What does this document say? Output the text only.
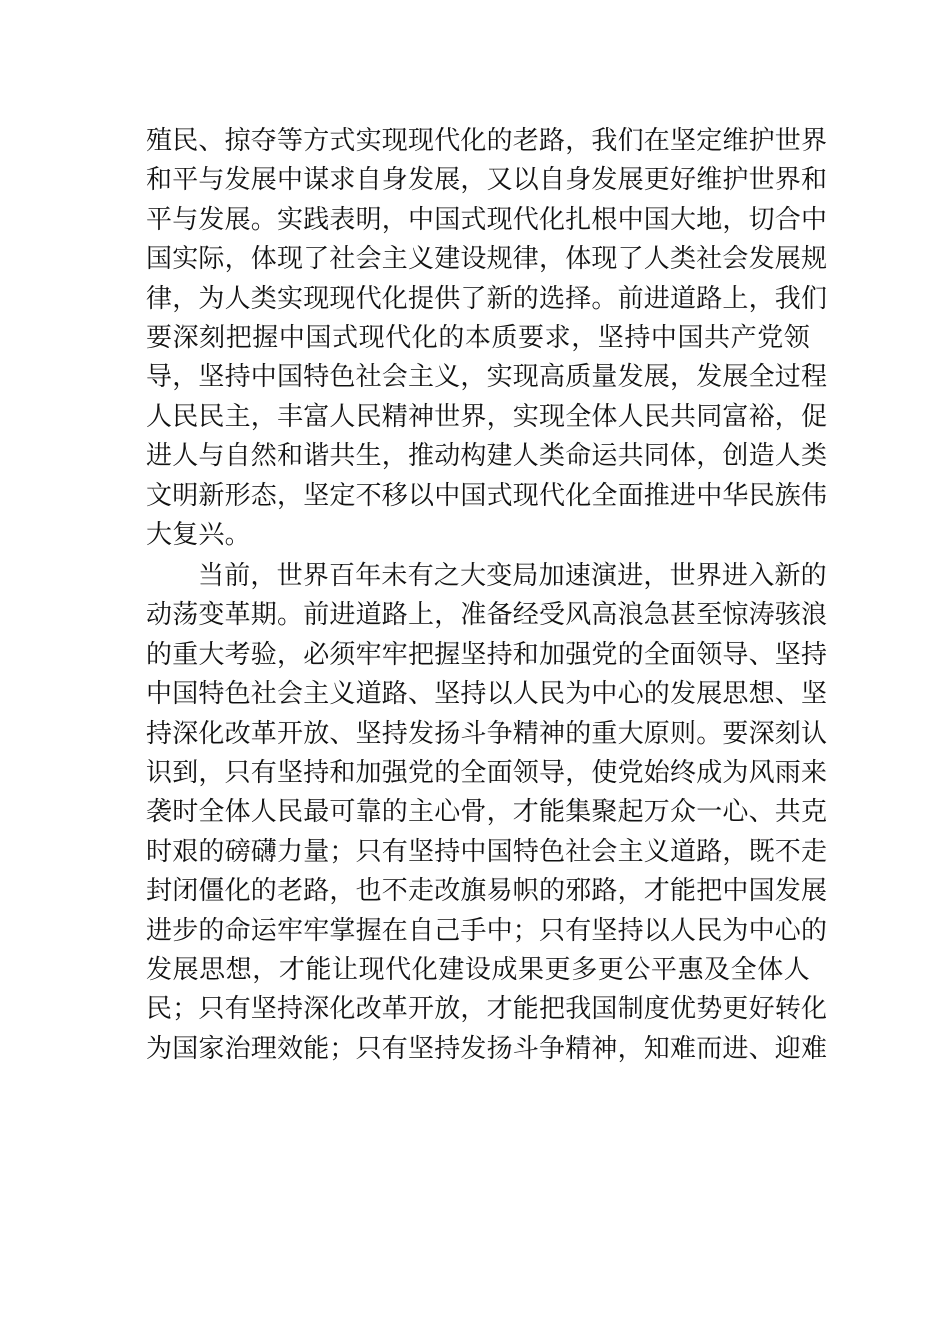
殖民、掠夺等方式实现现代化的老路，我们在坚定维护世界
和平与发展中谋求自身发展，又以自身发展更好维护世界和
平与发展。实践表明，中国式现代化扎根中国大地，切合中
国实际，体现了社会主义建设规律，体现了人类社会发展规
律，为人类实现现代化提供了新的选择。前进道路上，我们
要深刻把握中国式现代化的本质要求，坚持中国共产党领
导，坚持中国特色社会主义，实现高质量发展，发展全过程
人民民主，丰富人民精神世界，实现全体人民共同富裕，促
进人与自然和谐共生，推动构建人类命运共同体，创造人类
文明新形态，坚定不移以中国式现代化全面推进中华民族伟
大复兴。
当前，世界百年未有之大变局加速演进，世界进入新的
动荡变革期。前进道路上，准备经受风高浪急甚至惊涛骇浪
的重大考验，必须牢牢把握坚持和加强党的全面领导、坚持
中国特色社会主义道路、坚持以人民为中心的发展思想、坚
持深化改革开放、坚持发扬斗争精神的重大原则。要深刻认
识到，只有坚持和加强党的全面领导，使党始终成为风雨来
袭时全体人民最可靠的主心骨，才能集聚起万众一心、共克
时艰的磅礴力量；只有坚持中国特色社会主义道路，既不走
封闭僵化的老路，也不走改旗易帜的邪路，才能把中国发展
进步的命运牢牢掌握在自己手中；只有坚持以人民为中心的
发展思想，才能让现代化建设成果更多更公平惠及全体人
民；只有坚持深化改革开放，才能把我国制度优势更好转化
为国家治理效能；只有坚持发扬斗争精神，知难而进、迎难
